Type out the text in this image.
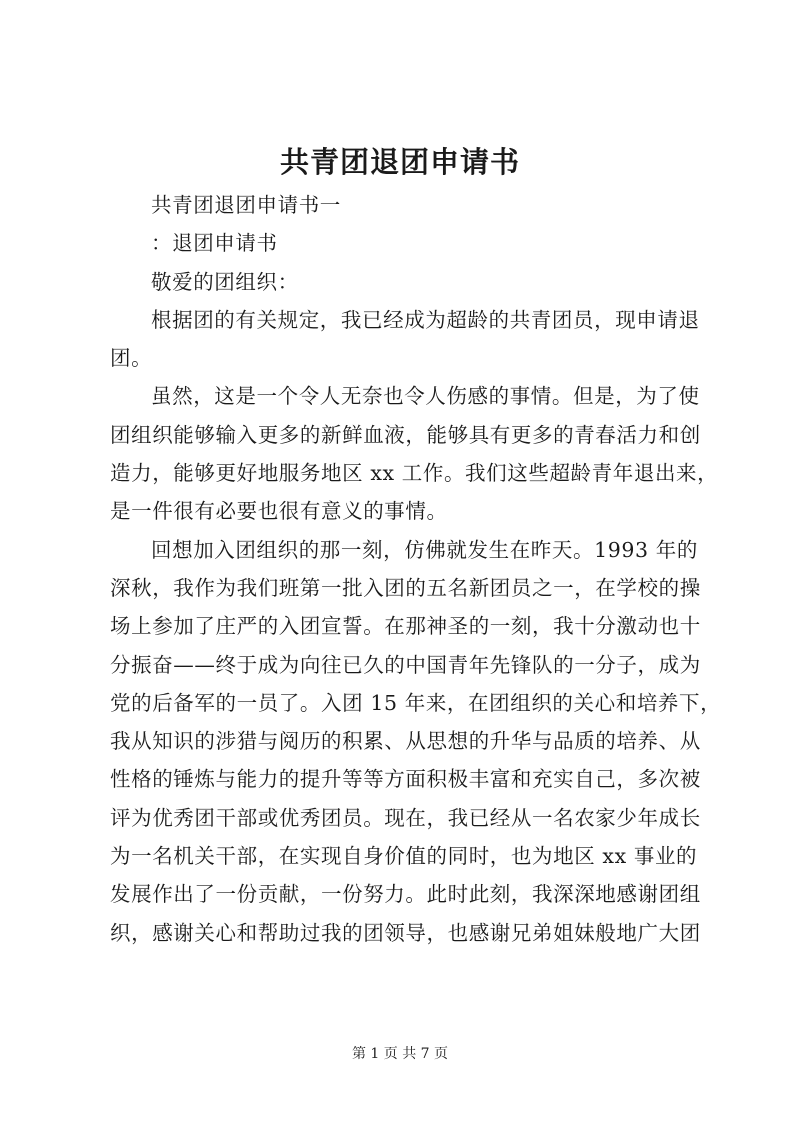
共青团退团申请书

共青团退团申请书一

：退团申请书

敬爱的团组织：

根据团的有关规定，我已经成为超龄的共青团员，现申请退

团。

虽然，这是一个令人无奈也令人伤感的事情。但是，为了使

团组织能够输入更多的新鲜血液，能够具有更多的青春活力和创

造力，能够更好地服务地区 xx 工作。我们这些超龄青年退出来，

是一件很有必要也很有意义的事情。

回想加入团组织的那一刻，仿佛就发生在昨天。1993 年的

深秋，我作为我们班第一批入团的五名新团员之一，在学校的操

场上参加了庄严的入团宣誓。在那神圣的一刻，我十分激动也十

分振奋——终于成为向往已久的中国青年先锋队的一分子，成为

党的后备军的一员了。入团 15 年来，在团组织的关心和培养下，

我从知识的涉猎与阅历的积累、从思想的升华与品质的培养、从

性格的锤炼与能力的提升等等方面积极丰富和充实自己，多次被

评为优秀团干部或优秀团员。现在，我已经从一名农家少年成长

为一名机关干部，在实现自身价值的同时，也为地区 xx 事业的

发展作出了一份贡献，一份努力。此时此刻，我深深地感谢团组

织，感谢关心和帮助过我的团领导，也感谢兄弟姐妹般地广大团

第 1 页 共 7 页
